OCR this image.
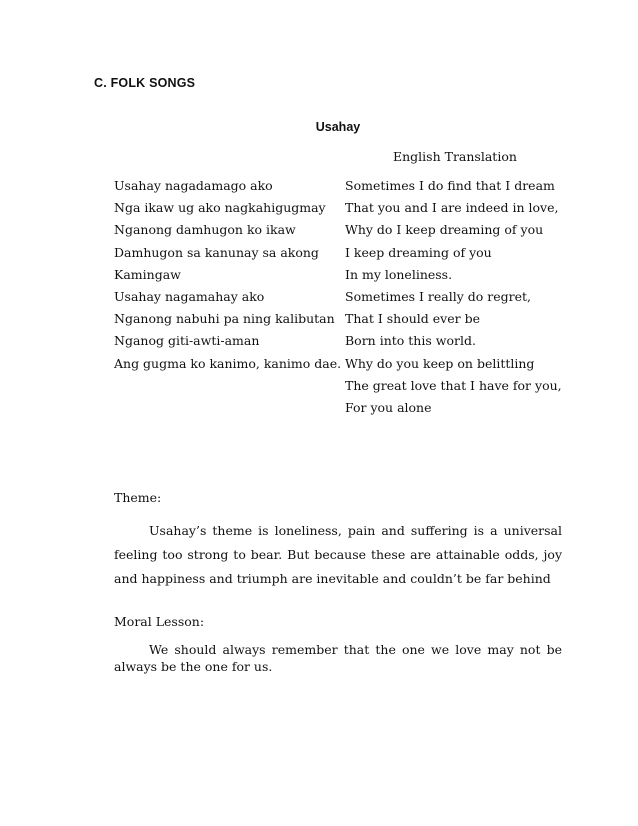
C. FOLK SONGS
Usahay
English Translation
Usahay nagadamago ako
Nga ikaw ug ako nagkahigugmay
Nganong damhugon ko ikaw
Damhugon sa kanunay sa akong
Kamingaw
Usahay nagamahay ako
Nganong nabuhi pa ning kalibutan
Nganog giti-awti-aman
Ang gugma ko kanimo, kanimo dae.
Sometimes I do find that I dream
That you and I are indeed in love,
Why do I keep dreaming of you
I keep dreaming of you
In my loneliness.
Sometimes I really do regret,
That I should ever be
Born into this world.
Why do you keep on belittling
The great love that I have for you,
For you alone
Theme:

Usahay’s theme is loneliness, pain and suffering is a universal feeling too strong to bear. But because these are attainable odds, joy and happiness and triumph are inevitable and couldn’t be far behind

Moral Lesson:

We should always remember that the one we love may not be always be the one for us.
